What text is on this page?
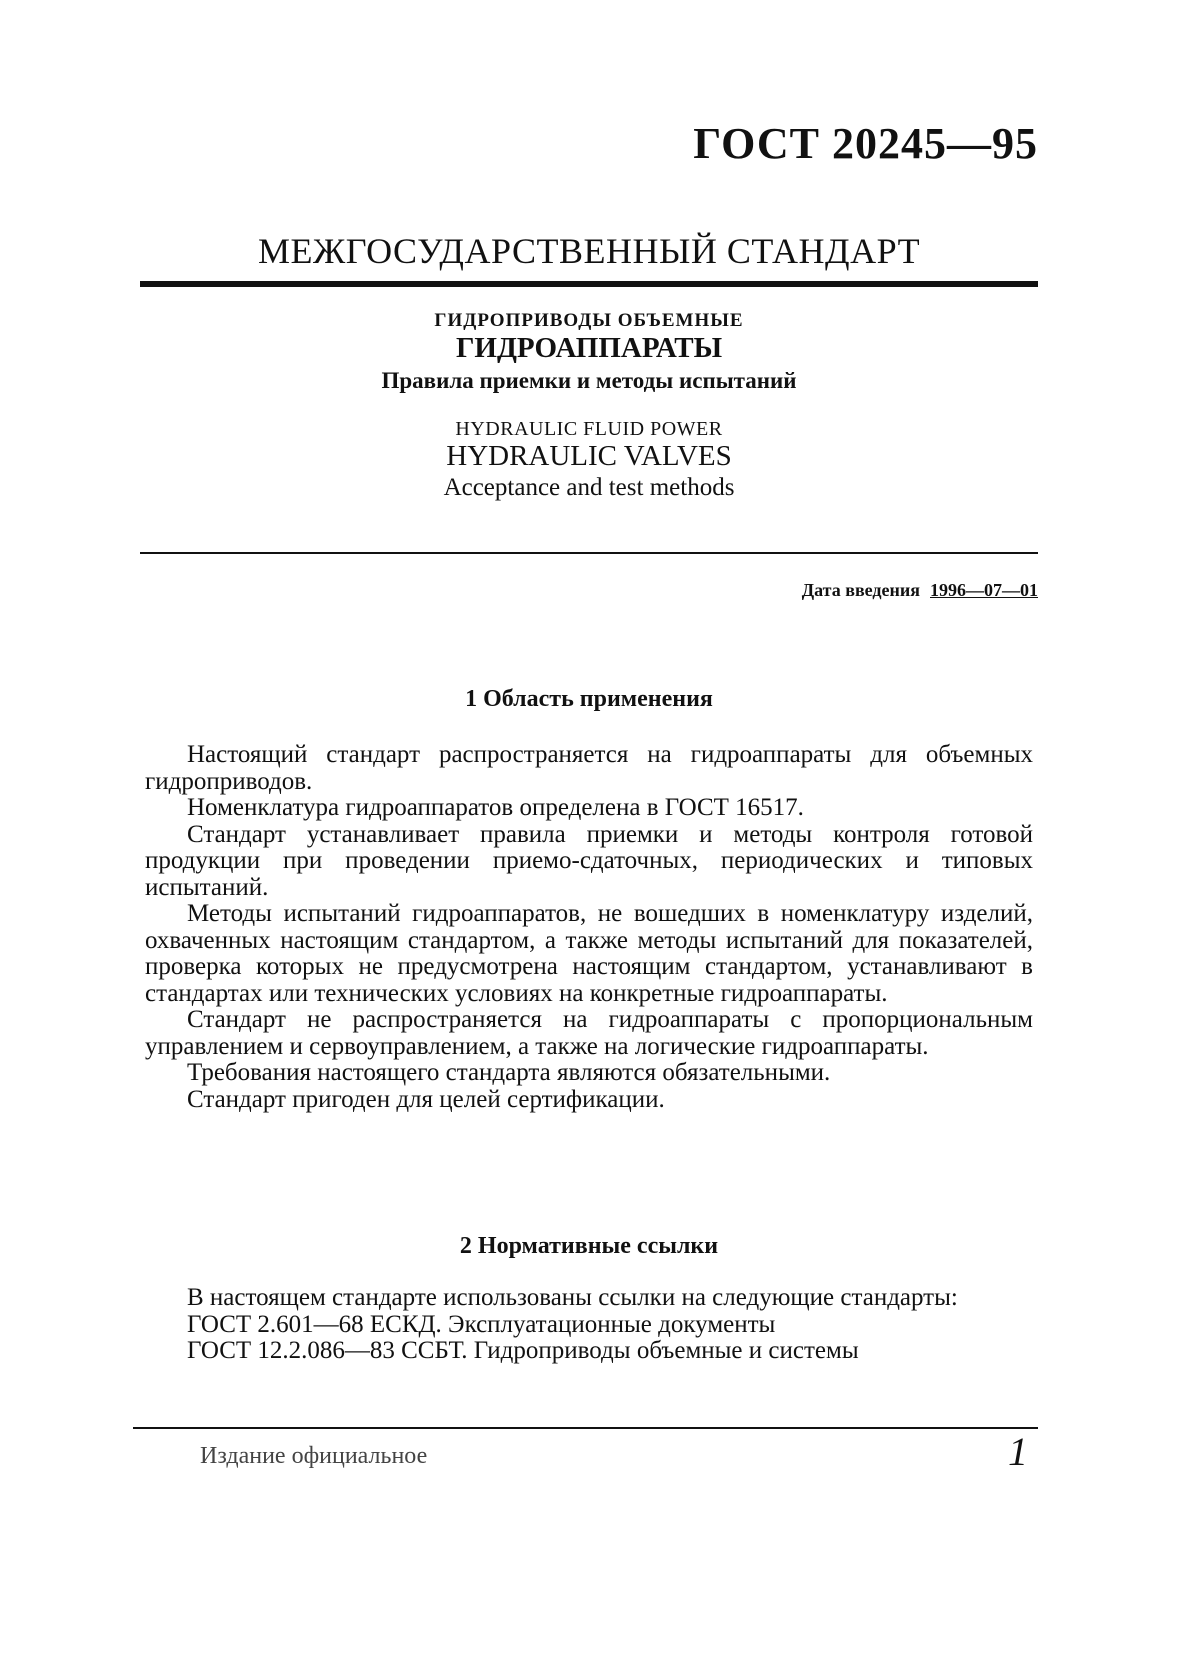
ГОСТ 20245—95
МЕЖГОСУДАРСТВЕННЫЙ СТАНДАРТ
ГИДРОПРИВОДЫ ОБЪЕМНЫЕ
ГИДРОАППАРАТЫ
Правила приемки и методы испытаний
HYDRAULIC FLUID POWER
HYDRAULIC VALVES
Acceptance and test methods
Дата введения 1996—07—01
1 Область применения

Настоящий стандарт распространяется на гидроаппараты для объемных гидроприводов.

Номенклатура гидроаппаратов определена в ГОСТ 16517.

Стандарт устанавливает правила приемки и методы контроля готовой продукции при проведении приемо-сдаточных, периодических и типовых испытаний.

Методы испытаний гидроаппаратов, не вошедших в номенклатуру изделий, охваченных настоящим стандартом, а также методы испытаний для показателей, проверка которых не предусмотрена настоящим стандартом, устанавливают в стандартах или технических условиях на конкретные гидроаппараты.

Стандарт не распространяется на гидроаппараты с пропорциональным управлением и сервоуправлением, а также на логические гидроаппараты.

Требования настоящего стандарта являются обязательными.

Стандарт пригоден для целей сертификации.

2 Нормативные ссылки

В настоящем стандарте использованы ссылки на следующие стандарты:

ГОСТ 2.601—68 ЕСКД. Эксплуатационные документы

ГОСТ 12.2.086—83 ССБТ. Гидроприводы объемные и системы

Издание официальное	1
